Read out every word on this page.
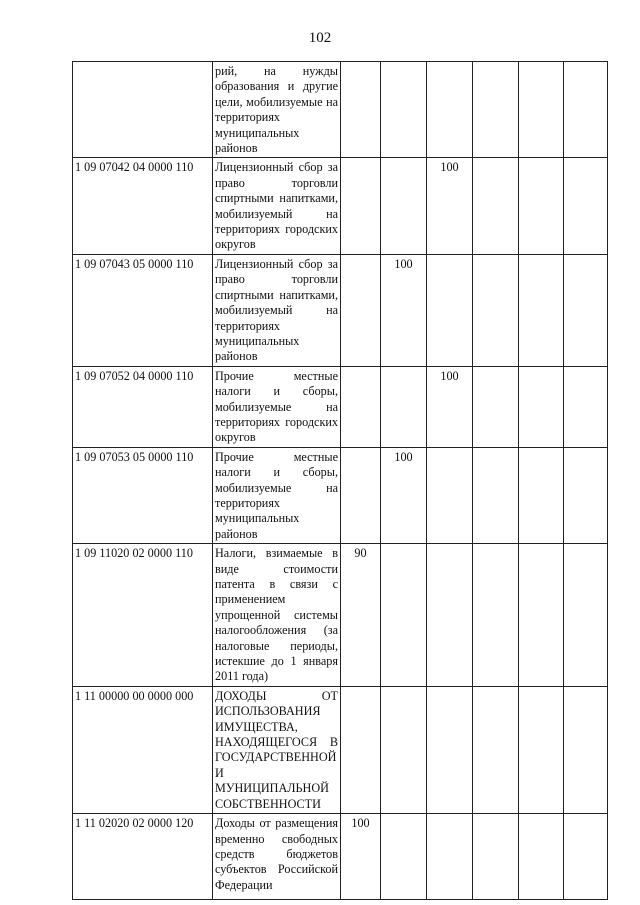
102

	рий, на нужды образования и другие цели, мобилизуемые на территориях муниципальных районов						

1 09 07042 04 0000 110	Лицензионный сбор за право торговли спиртными напитками, мобилизуемый на территориях городских округов			100			
1 09 07043 05 0000 110	Лицензионный сбор за право торговли спиртными напитками, мобилизуемый на территориях муниципальных районов		100				
1 09 07052 04 0000 110	Прочие местные налоги и сборы, мобилизуемые на территориях городских округов			100			
1 09 07053 05 0000 110	Прочие местные налоги и сборы, мобилизуемые на территориях муниципальных районов		100				
1 09 11020 02 0000 110	Налоги, взимаемые в виде стоимости патента в связи с применением упрощенной системы налогообложения (за налоговые периоды, истекшие до 1 января 2011 года)	90					
1 11 00000 00 0000 000	ДОХОДЫ ОТ ИСПОЛЬЗОВАНИЯ ИМУЩЕСТВА, НАХОДЯЩЕГОСЯ В ГОСУДАРСТВЕННОЙ И МУНИЦИПАЛЬНОЙ СОБСТВЕННОСТИ						

1 11 02020 02 0000 120	Доходы от размещения временно свободных средств бюджетов субъектов Российской Федерации	100					
